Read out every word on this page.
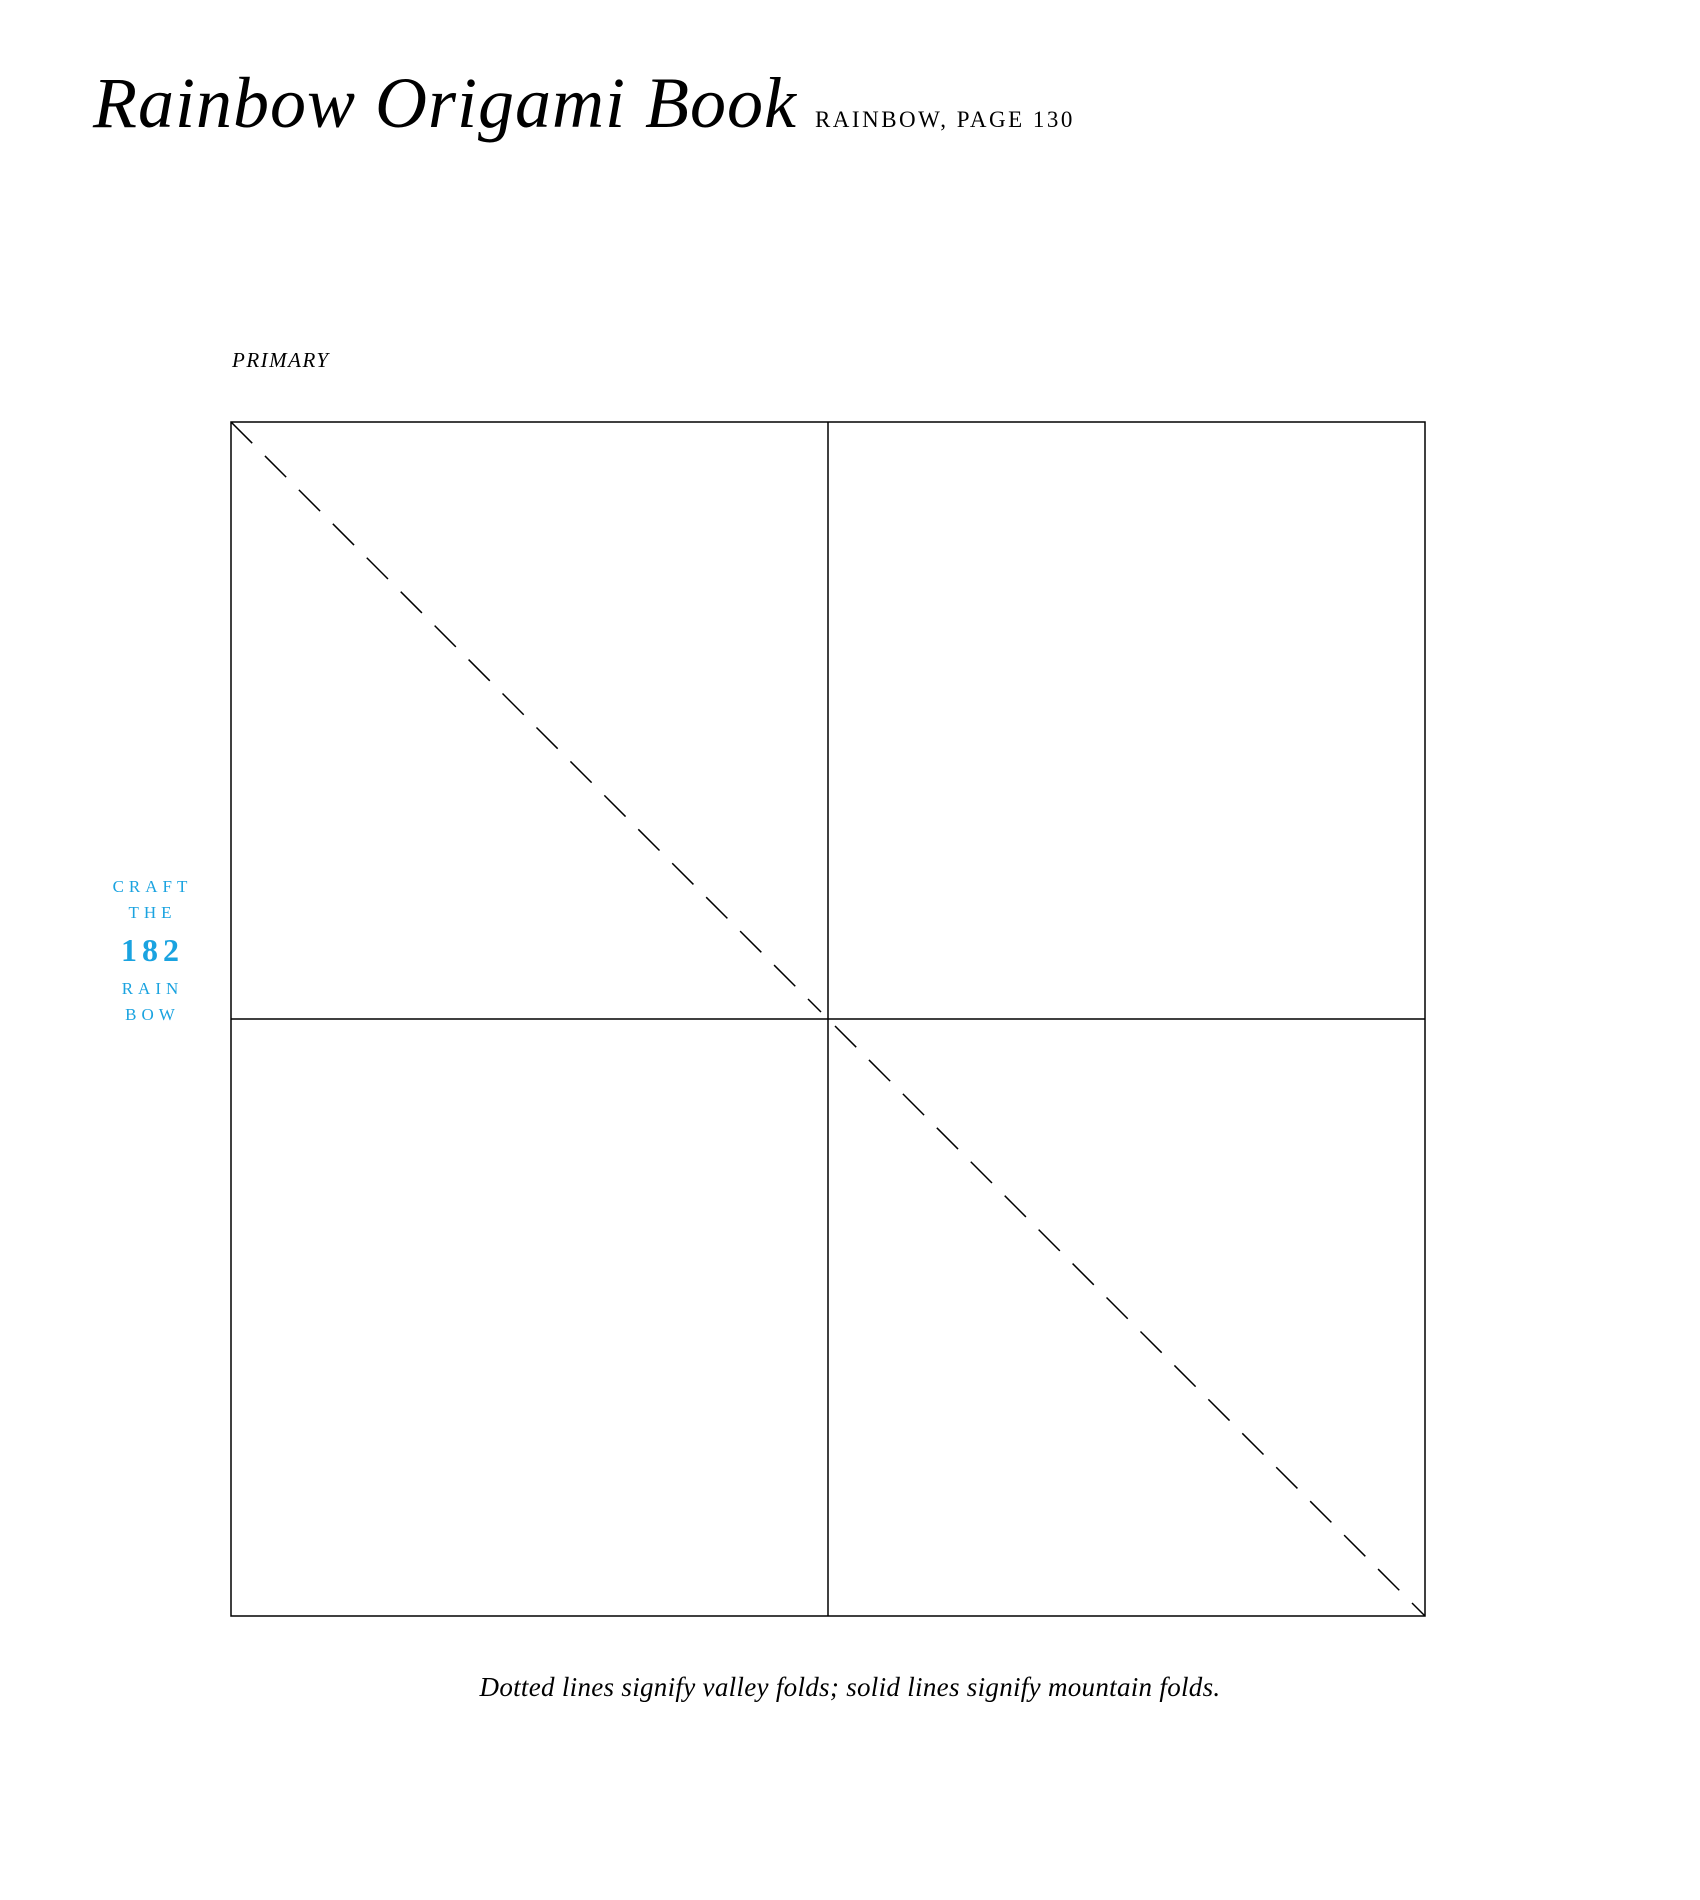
Rainbow Origami Book RAINBOW, PAGE 130
PRIMARY
CRAFT
THE
182
RAIN
BOW
Dotted lines signify valley folds; solid lines signify mountain folds.
